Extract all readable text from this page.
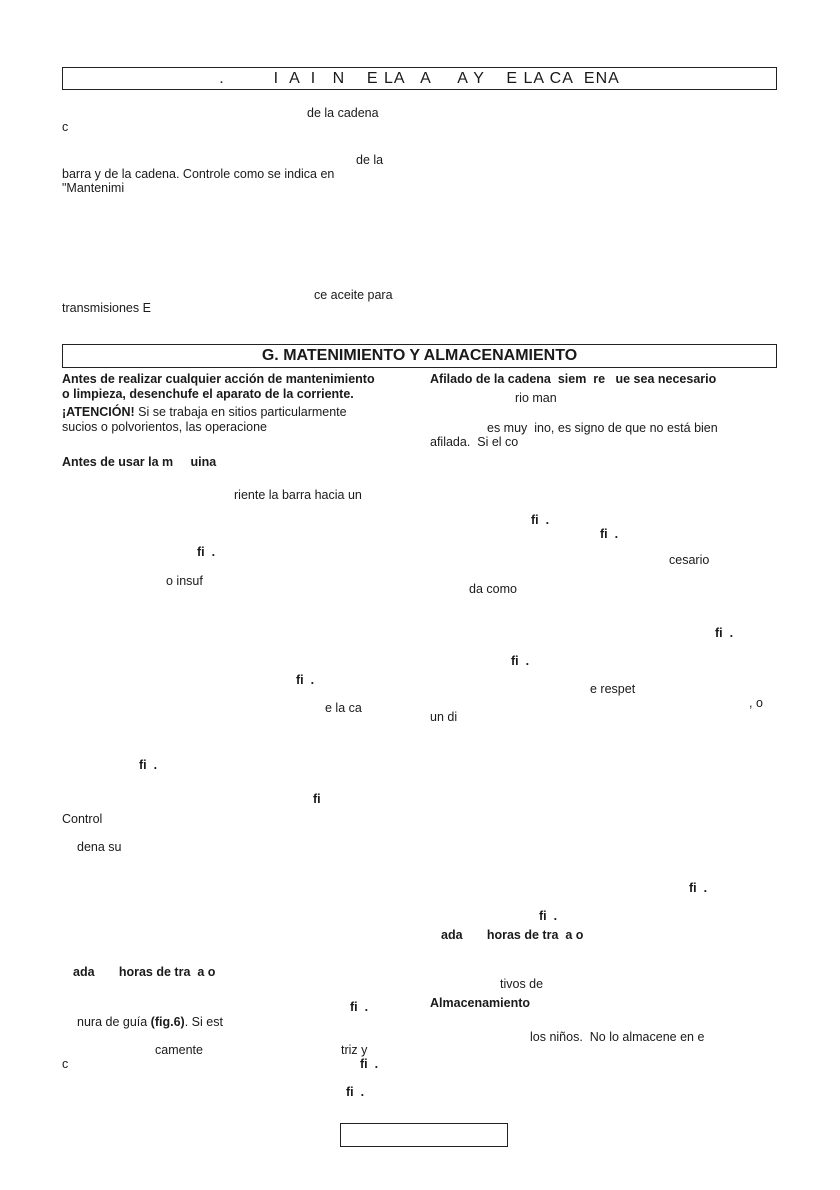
.         I  A  I   N    E LA   A     A Y    E LA CA  ENA
de la cadena
c
de la
barra y de la cadena. Controle como se indica en
"Mantenimi
ce aceite para
transmisiones E
G. MATENIMIENTO Y ALMACENAMIENTO
Antes de realizar cualquier acción de mantenimiento
o limpieza, desenchufe el aparato de la corriente.
¡ATENCIÓN! Si se trabaja en sitios particularmente
sucios o polvorientos, las operacione
Antes de usar la m     uina
riente la barra hacia un
fi  .
o insuf
fi  .
e la ca
fi  .
fi
Control
dena su
ada       horas de tra  a o
fi  .
nura de guía (fig.6). Si est
camente	triz y
c	fi  .
fi  .
Afilado de la cadena  siem  re   ue sea necesario
rio man
es muy  ino, es signo de que no está bien
afilada.  Si el co
fi  .
fi  .
cesario
da como
fi  .
fi  .
e respet
, o
un di
fi  .
fi  .
ada       horas de tra  a o
tivos de
Almacenamiento
los niños.  No lo almacene en e
